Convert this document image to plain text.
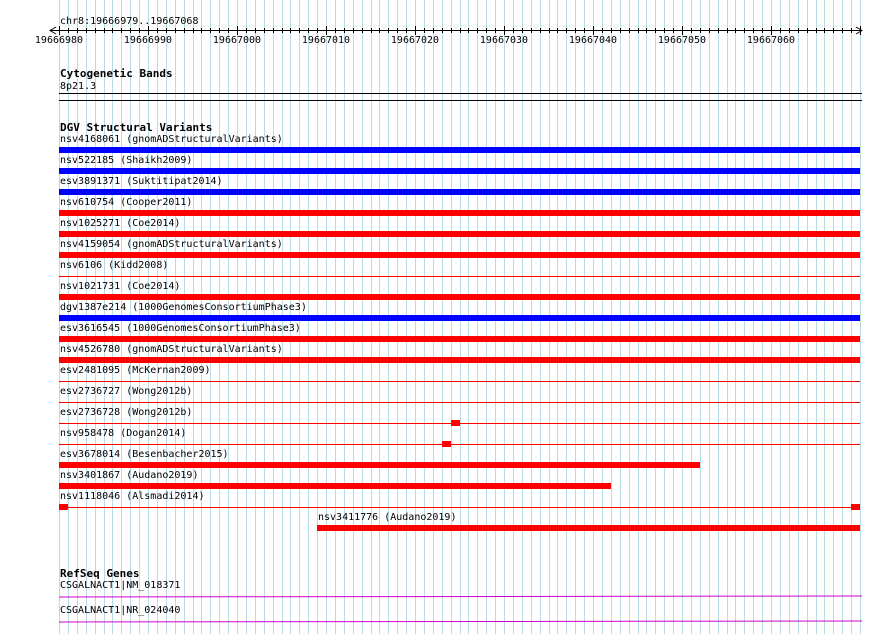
chr8:19666979..19667068
19666980	19666990	19667000	19667010	19667020	19667030	19667040	19667050	19667060
Cytogenetic Bands
8p21.3
DGV Structural Variants
nsv4168061 (gnomADStructuralVariants)
nsv522185 (Shaikh2009)
esv3891371 (Suktitipat2014)
nsv610754 (Cooper2011)
nsv1025271 (Coe2014)
nsv4159054 (gnomADStructuralVariants)
nsv6106 (Kidd2008)
nsv1021731 (Coe2014)
dgv1387e214 (1000GenomesConsortiumPhase3)
esv3616545 (1000GenomesConsortiumPhase3)
nsv4526780 (gnomADStructuralVariants)
esv2481095 (McKernan2009)
esv2736727 (Wong2012b)
esv2736728 (Wong2012b)
nsv958478 (Dogan2014)
esv3678014 (Besenbacher2015)
nsv3401867 (Audano2019)
nsv1118046 (Alsmadi2014)
nsv3411776 (Audano2019)
RefSeq Genes
CSGALNACT1|NM_018371
CSGALNACT1|NR_024040
